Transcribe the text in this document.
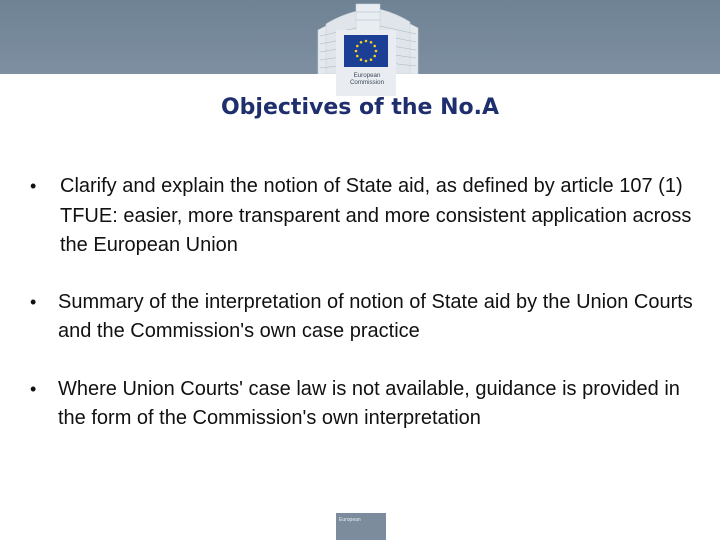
European
Commission
Objectives of the No.A
• Clarify and explain the notion of State aid, as defined by article 107 (1) TFUE: easier, more transparent and more consistent application across the European Union
• Summary of the interpretation of notion of State aid by the Union Courts and the Commission's own case practice
• Where Union Courts' case law is not available, guidance is provided in the form of the Commission's own interpretation
European
